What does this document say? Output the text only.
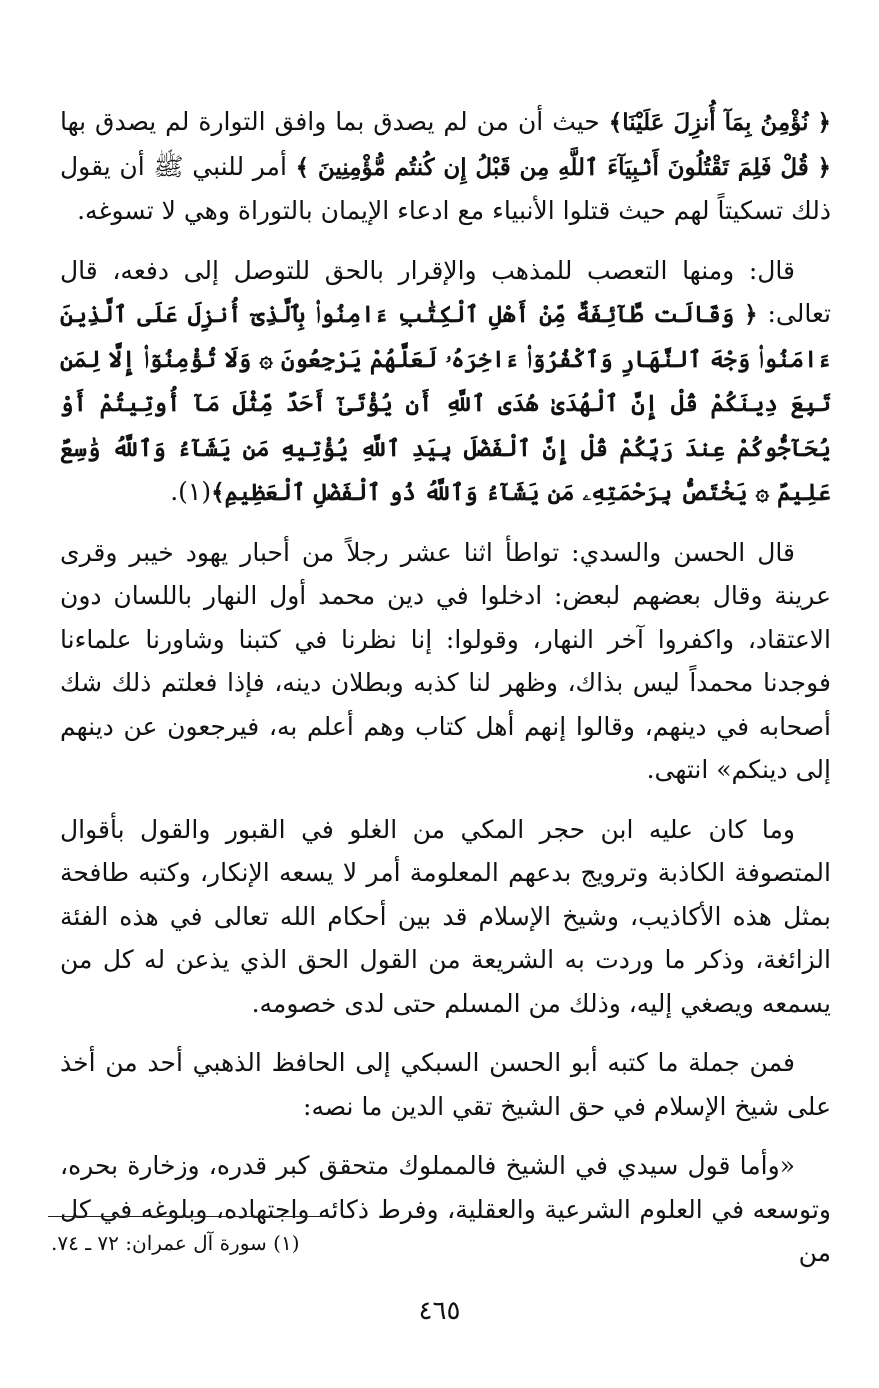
﴿ نُؤْمِنُ بِمَآ أُنزِلَ عَلَيْنَا﴾ حيث أن من لم يصدق بما وافق التوارة لم يصدق بها ﴿ قُلْ فَلِمَ تَقْتُلُونَ أَنۢبِيَآءَ ٱللَّهِ مِن قَبْلُ إِن كُنتُم مُّؤْمِنِينَ ﴾ أمر للنبي ﷺ أن يقول ذلك تسكيتاً لهم حيث قتلوا الأنبياء مع ادعاء الإيمان بالتوراة وهي لا تسوغه.

قال: ومنها التعصب للمذهب والإقرار بالحق للتوصل إلى دفعه، قال تعالى: ﴿ وَقَالَت طَّآئِفَةٌ مِّنْ أَهْلِ ٱلْكِتَٰبِ ءَامِنُوا۟ بِٱلَّذِىٓ أُنزِلَ عَلَى ٱلَّذِينَ ءَامَنُوا۟ وَجْهَ ٱلنَّهَارِ وَٱكْفُرُوٓا۟ ءَاخِرَهُۥ لَعَلَّهُمْ يَرْجِعُونَ ۞ وَلَا تُؤْمِنُوٓا۟ إِلَّا لِمَن تَبِعَ دِينَكُمْ قُلْ إِنَّ ٱلْهُدَىٰ هُدَى ٱللَّهِ أَن يُؤْتَىٰٓ أَحَدٌ مِّثْلَ مَآ أُوتِيتُمْ أَوْ يُحَآجُّوكُمْ عِندَ رَبِّكُمْ قُلْ إِنَّ ٱلْفَضْلَ بِيَدِ ٱللَّهِ يُؤْتِيهِ مَن يَشَآءُ وَٱللَّهُ وَٰسِعٌ عَلِيمٌ ۞ يَخْتَصُّ بِرَحْمَتِهِۦ مَن يَشَآءُ وَٱللَّهُ ذُو ٱلْفَضْلِ ٱلْعَظِيمِ﴾(١).

قال الحسن والسدي: تواطأ اثنا عشر رجلاً من أحبار يهود خيبر وقرى عرينة وقال بعضهم لبعض: ادخلوا في دين محمد أول النهار باللسان دون الاعتقاد، واكفروا آخر النهار، وقولوا: إنا نظرنا في كتبنا وشاورنا علماءنا فوجدنا محمداً ليس بذاك، وظهر لنا كذبه وبطلان دينه، فإذا فعلتم ذلك شك أصحابه في دينهم، وقالوا إنهم أهل كتاب وهم أعلم به، فيرجعون عن دينهم إلى دينكم» انتهى.

وما كان عليه ابن حجر المكي من الغلو في القبور والقول بأقوال المتصوفة الكاذبة وترويج بدعهم المعلومة أمر لا يسعه الإنكار، وكتبه طافحة بمثل هذه الأكاذيب، وشيخ الإسلام قد بين أحكام الله تعالى في هذه الفئة الزائغة، وذكر ما وردت به الشريعة من القول الحق الذي يذعن له كل من يسمعه ويصغي إليه، وذلك من المسلم حتى لدى خصومه.

فمن جملة ما كتبه أبو الحسن السبكي إلى الحافظ الذهبي أحد من أخذ على شيخ الإسلام في حق الشيخ تقي الدين ما نصه:

«وأما قول سيدي في الشيخ فالمملوك متحقق كبر قدره، وزخارة بحره، وتوسعه في العلوم الشرعية والعقلية، وفرط ذكائه واجتهاده، وبلوغه في كل من

(١) سورة آل عمران: ٧٢ ـ ٧٤.
٤٦٥
